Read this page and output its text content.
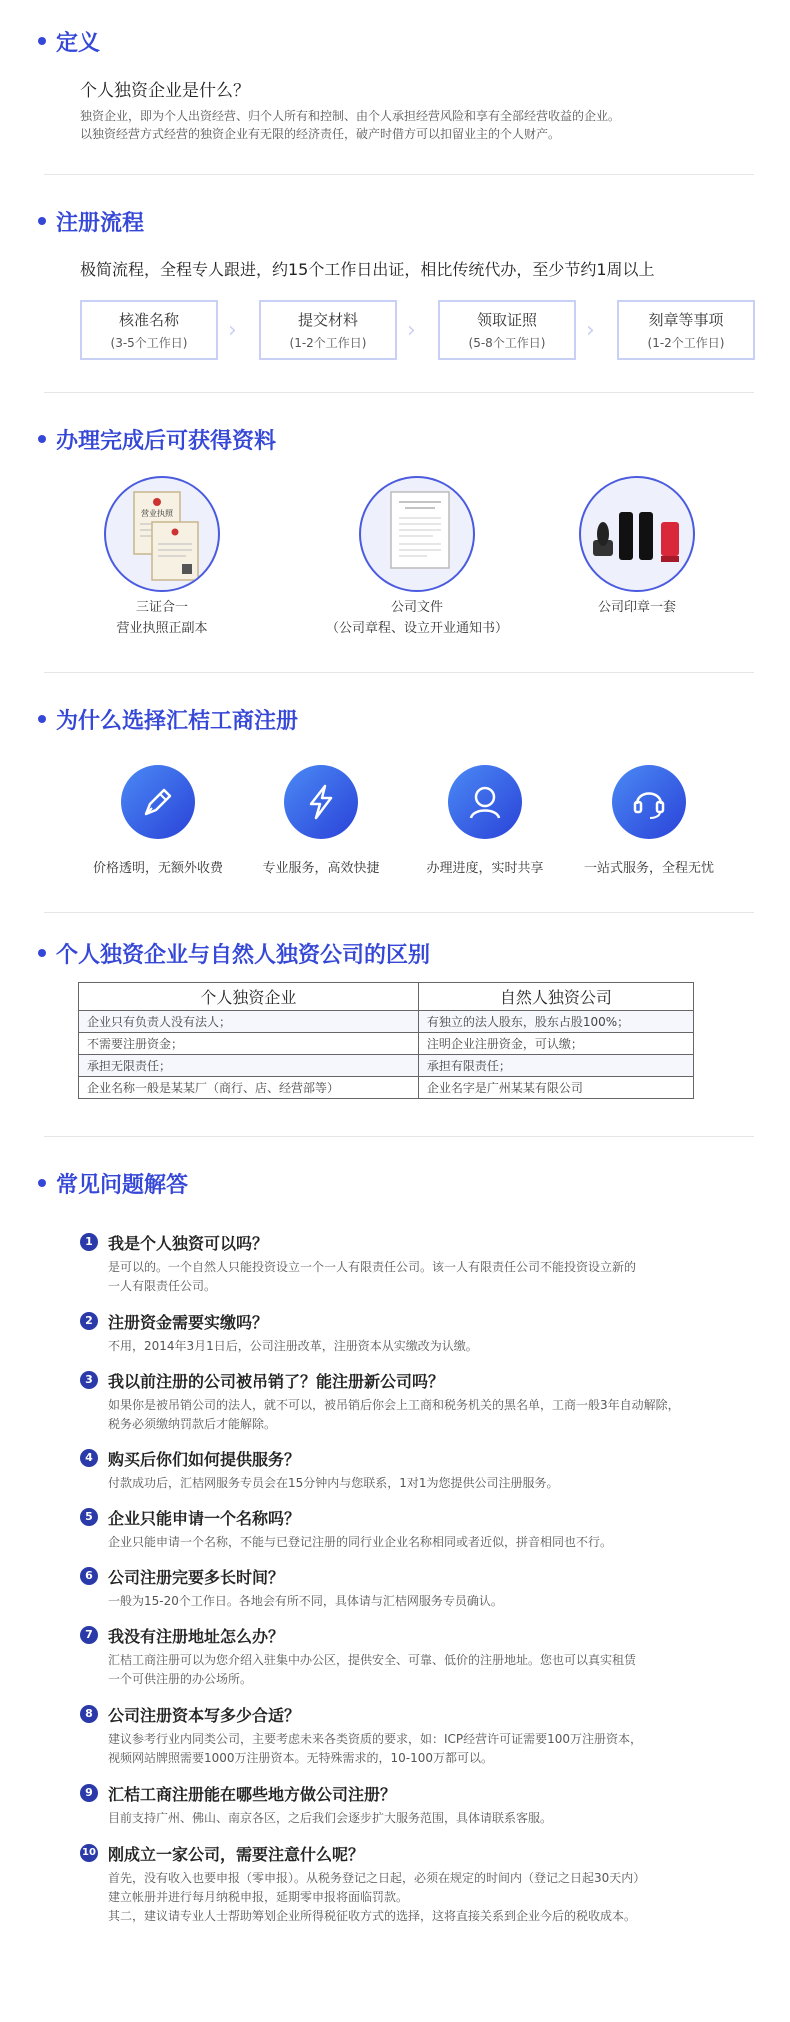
定义
个人独资企业是什么？
独资企业，即为个人出资经营、归个人所有和控制、由个人承担经营风险和享有全部经营收益的企业。
以独资经营方式经营的独资企业有无限的经济责任，破产时借方可以扣留业主的个人财产。
注册流程
极简流程，全程专人跟进，约15个工作日出证，相比传统代办，至少节约1周以上
核准名称
(3-5个工作日)	›	提交材料
(1-2个工作日)	›	领取证照
(5-8个工作日)	›	刻章等事项
(1-2个工作日)
办理完成后可获得资料
营业执照
三证合一
营业执照正副本
公司文件
（公司章程、设立开业通知书）
公司印章一套
为什么选择汇桔工商注册
价格透明，无额外收费	专业服务，高效快捷	办理进度，实时共享	一站式服务，全程无忧
个人独资企业与自然人独资公司的区别
个人独资企业	自然人独资公司
企业只有负责人没有法人；	有独立的法人股东，股东占股100%；
不需要注册资金；	注明企业注册资金，可认缴；
承担无限责任；	承担有限责任；
企业名称一般是某某厂（商行、店、经营部等）	企业名字是广州某某有限公司
常见问题解答
1 我是个人独资可以吗？
是可以的。一个自然人只能投资设立一个一人有限责任公司。该一人有限责任公司不能投资设立新的
一人有限责任公司。
2 注册资金需要实缴吗？
不用，2014年3月1日后，公司注册改革，注册资本从实缴改为认缴。
3 我以前注册的公司被吊销了？能注册新公司吗？
如果你是被吊销公司的法人，就不可以，被吊销后你会上工商和税务机关的黑名单，工商一般3年自动解除，
税务必须缴纳罚款后才能解除。
4 购买后你们如何提供服务？
付款成功后，汇桔网服务专员会在15分钟内与您联系，1对1为您提供公司注册服务。
5 企业只能申请一个名称吗？
企业只能申请一个名称，不能与已登记注册的同行业企业名称相同或者近似，拼音相同也不行。
6 公司注册完要多长时间？
一般为15-20个工作日。各地会有所不同，具体请与汇桔网服务专员确认。
7 我没有注册地址怎么办？
汇桔工商注册可以为您介绍入驻集中办公区，提供安全、可靠、低价的注册地址。您也可以真实租赁
一个可供注册的办公场所。
8 公司注册资本写多少合适？
建议参考行业内同类公司，主要考虑未来各类资质的要求，如：ICP经营许可证需要100万注册资本，
视频网站牌照需要1000万注册资本。无特殊需求的，10-100万都可以。
9 汇桔工商注册能在哪些地方做公司注册？
目前支持广州、佛山、南京各区，之后我们会逐步扩大服务范围，具体请联系客服。
10 刚成立一家公司，需要注意什么呢？
首先，没有收入也要申报（零申报）。从税务登记之日起，必须在规定的时间内（登记之日起30天内）
建立帐册并进行每月纳税申报，延期零申报将面临罚款。
其二，建议请专业人士帮助筹划企业所得税征收方式的选择，这将直接关系到企业今后的税收成本。
